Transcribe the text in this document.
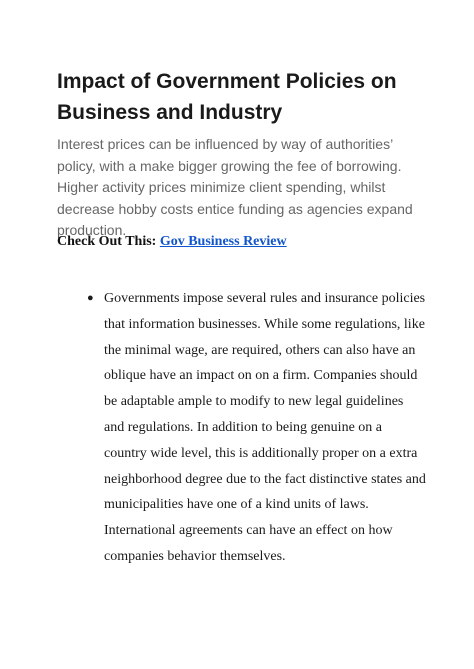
Impact of Government Policies on Business and Industry

Interest prices can be influenced by way of authorities’ policy, with a make bigger growing the fee of borrowing. Higher activity prices minimize client spending, whilst decrease hobby costs entice funding as agencies expand production.

Check Out This: Gov Business Review

● Governments impose several rules and insurance policies that information businesses. While some regulations, like the minimal wage, are required, others can also have an oblique have an impact on on a firm. Companies should be adaptable ample to modify to new legal guidelines and regulations. In addition to being genuine on a country wide level, this is additionally proper on a extra neighborhood degree due to the fact distinctive states and municipalities have one of a kind units of laws. International agreements can have an effect on how companies behavior themselves.
